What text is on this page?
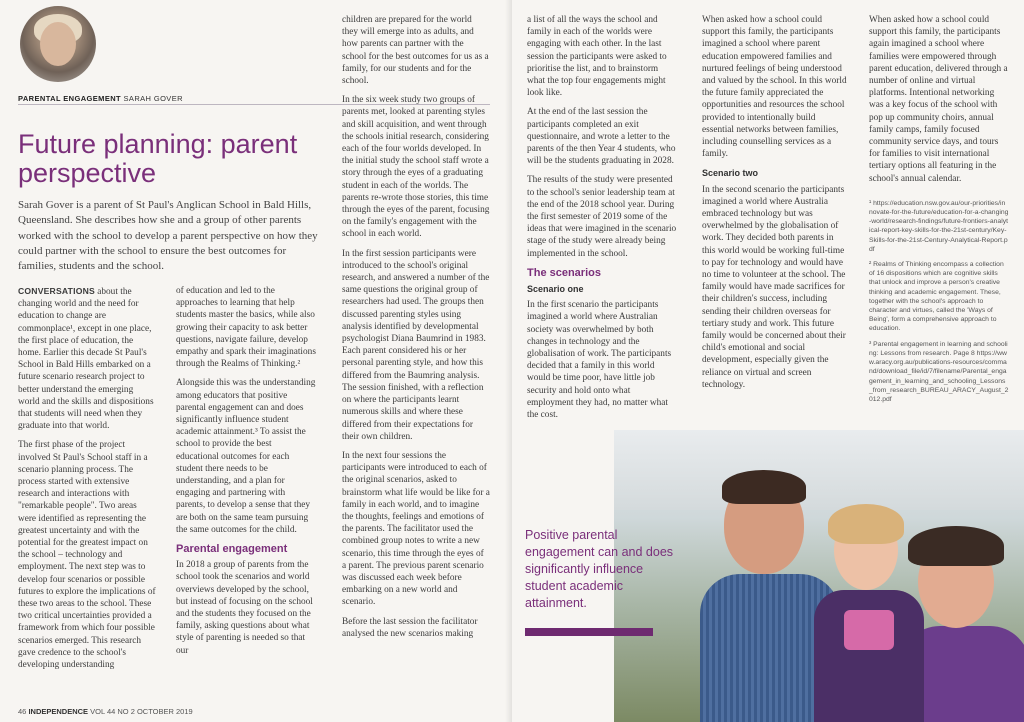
PARENTAL ENGAGEMENT SARAH GOVER
Future planning: parent perspective
Sarah Gover is a parent of St Paul's Anglican School in Bald Hills, Queensland. She describes how she and a group of other parents worked with the school to develop a parent perspective on how they could partner with the school to ensure the best outcomes for families, students and the school.

CONVERSATIONS about the changing world and the need for education to change are commonplace¹, except in one place, the first place of education, the home. Earlier this decade St Paul's School in Bald Hills embarked on a future scenario research project to better understand the emerging world and the skills and dispositions that students will need when they graduate into that world.

The first phase of the project involved St Paul's School staff in a scenario planning process. The process started with extensive research and interactions with "remarkable people". Two areas were identified as representing the greatest uncertainty and with the potential for the greatest impact on the school – technology and employment. The next step was to develop four scenarios or possible futures to explore the implications of these two areas to the school. These two critical uncertainties provided a framework from which four possible scenarios emerged. This research gave credence to the school's developing understanding

of education and led to the approaches to learning that help students master the basics, while also growing their capacity to ask better questions, navigate failure, develop empathy and spark their imaginations through the Realms of Thinking.²

Alongside this was the understanding among educators that positive parental engagement can and does significantly influence student academic attainment.³ To assist the school to provide the best educational outcomes for each student there needs to be understanding, and a plan for engaging and partnering with parents, to develop a sense that they are both on the same team pursuing the same outcomes for the child.

Parental engagement

In 2018 a group of parents from the school took the scenarios and world overviews developed by the school, but instead of focusing on the school and the students they focused on the family, asking questions about what style of parenting is needed so that our

children are prepared for the world they will emerge into as adults, and how parents can partner with the school for the best outcomes for us as a family, for our students and for the school.

In the six week study two groups of parents met, looked at parenting styles and skill acquisition, and went through the schools initial research, considering each of the four worlds developed. In the initial study the school staff wrote a story through the eyes of a graduating student in each of the worlds. The parents re-wrote those stories, this time through the eyes of the parent, focusing on the family's engagement with the school in each world.

In the first session participants were introduced to the school's original research, and answered a number of the same questions the original group of researchers had used. The groups then discussed parenting styles using analysis identified by developmental psychologist Diana Baumrind in 1983. Each parent considered his or her personal parenting style, and how this differed from the Baumring analysis. The session finished, with a reflection on where the participants learnt numerous skills and where these differed from their expectations for their own children.

In the next four sessions the participants were introduced to each of the original scenarios, asked to brainstorm what life would be like for a family in each world, and to imagine the thoughts, feelings and emotions of the parents. The facilitator used the combined group notes to write a new scenario, this time through the eyes of a parent. The previous parent scenario was discussed each week before embarking on a new world and scenario.

Before the last session the facilitator analysed the new scenarios making

46 INDEPENDENCE VOL 44 NO 2 OCTOBER 2019

a list of all the ways the school and family in each of the worlds were engaging with each other. In the last session the participants were asked to prioritise the list, and to brainstorm what the top four engagements might look like.

At the end of the last session the participants completed an exit questionnaire, and wrote a letter to the parents of the then Year 4 students, who will be the students graduating in 2028.

The results of the study were presented to the school's senior leadership team at the end of the 2018 school year. During the first semester of 2019 some of the ideas that were imagined in the scenario stage of the study were already being implemented in the school.

The scenarios
Scenario one

In the first scenario the participants imagined a world where Australian society was overwhelmed by both changes in technology and the globalisation of work. The participants decided that a family in this world would be time poor, have little job security and hold onto what employment they had, no matter what the cost.

When asked how a school could support this family, the participants imagined a school where parent education empowered families and nurtured feelings of being understood and valued by the school. In this world the future family appreciated the opportunities and resources the school provided to intentionally build essential networks between families, including counselling services as a family.

Scenario two

In the second scenario the participants imagined a world where Australia embraced technology but was overwhelmed by the globalisation of work. They decided both parents in this world would be working full-time to pay for technology and would have no time to volunteer at the school. The family would have made sacrifices for their children's success, including sending their children overseas for tertiary study and work. This future family would be concerned about their child's emotional and social development, especially given the reliance on virtual and screen technology.

When asked how a school could support this family, the participants again imagined a school where families were empowered through parent education, delivered through a number of online and virtual platforms. Intentional networking was a key focus of the school with pop up community choirs, annual family camps, family focused community service days, and tours for families to visit international tertiary options all featuring in the school's annual calendar.

¹ https://education.nsw.gov.au/our-priorities/innovate-for-the-future/education-for-a-changing-world/research-findings/future-frontiers-analytical-report-key-skills-for-the-21st-century/Key-Skills-for-the-21st-Century-Analytical-Report.pdf

² Realms of Thinking encompass a collection of 16 dispositions which are cognitive skills that unlock and improve a person's creative thinking and academic engagement. These, together with the school's approach to character and virtues, called the 'Ways of Being', form a comprehensive approach to education.

³ Parental engagement in learning and schooling: Lessons from research. Page 8 https://www.aracy.org.au/publications-resources/command/download_file/id/7/filename/Parental_engagement_in_learning_and_schooling_Lessons_from_research_BUREAU_ARACY_August_2012.pdf

Positive parental engagement can and does significantly influence student academic attainment.
